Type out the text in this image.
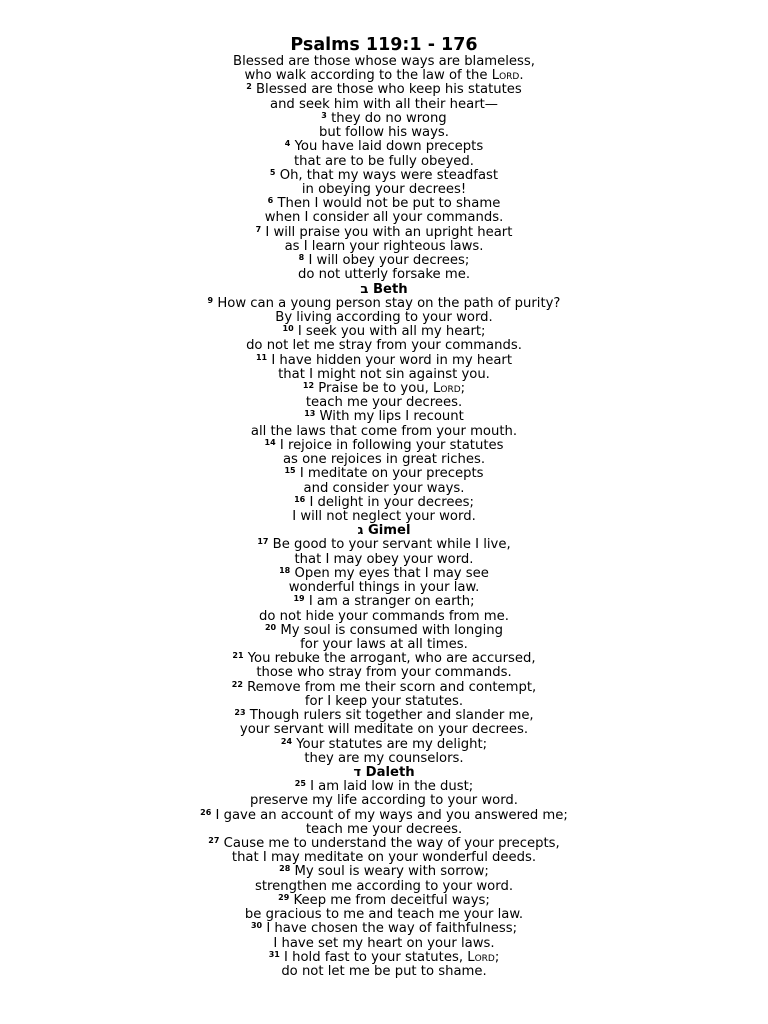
Psalms 119:1 - 176
Blessed are those whose ways are blameless,
who walk according to the law of the Lord.
$^2$ Blessed are those who keep his statutes
and seek him with all their heart—
$^3$ they do no wrong
but follow his ways.
$^4$ You have laid down precepts
that are to be fully obeyed.
$^5$ Oh, that my ways were steadfast
in obeying your decrees!
$^6$ Then I would not be put to shame
when I consider all your commands.
$^7$ I will praise you with an upright heart
as I learn your righteous laws.
$^8$ I will obey your decrees;
do not utterly forsake me.
ב Beth
$^9$ How can a young person stay on the path of purity?
By living according to your word.
$^{10}$ I seek you with all my heart;
do not let me stray from your commands.
$^{11}$ I have hidden your word in my heart
that I might not sin against you.
$^{12}$ Praise be to you, Lord;
teach me your decrees.
$^{13}$ With my lips I recount
all the laws that come from your mouth.
$^{14}$ I rejoice in following your statutes
as one rejoices in great riches.
$^{15}$ I meditate on your precepts
and consider your ways.
$^{16}$ I delight in your decrees;
I will not neglect your word.
ג Gimel
$^{17}$ Be good to your servant while I live,
that I may obey your word.
$^{18}$ Open my eyes that I may see
wonderful things in your law.
$^{19}$ I am a stranger on earth;
do not hide your commands from me.
$^{20}$ My soul is consumed with longing
for your laws at all times.
$^{21}$ You rebuke the arrogant, who are accursed,
those who stray from your commands.
$^{22}$ Remove from me their scorn and contempt,
for I keep your statutes.
$^{23}$ Though rulers sit together and slander me,
your servant will meditate on your decrees.
$^{24}$ Your statutes are my delight;
they are my counselors.
ד Daleth
$^{25}$ I am laid low in the dust;
preserve my life according to your word.
$^{26}$ I gave an account of my ways and you answered me;
teach me your decrees.
$^{27}$ Cause me to understand the way of your precepts,
that I may meditate on your wonderful deeds.
$^{28}$ My soul is weary with sorrow;
strengthen me according to your word.
$^{29}$ Keep me from deceitful ways;
be gracious to me and teach me your law.
$^{30}$ I have chosen the way of faithfulness;
I have set my heart on your laws.
$^{31}$ I hold fast to your statutes, Lord;
do not let me be put to shame.
